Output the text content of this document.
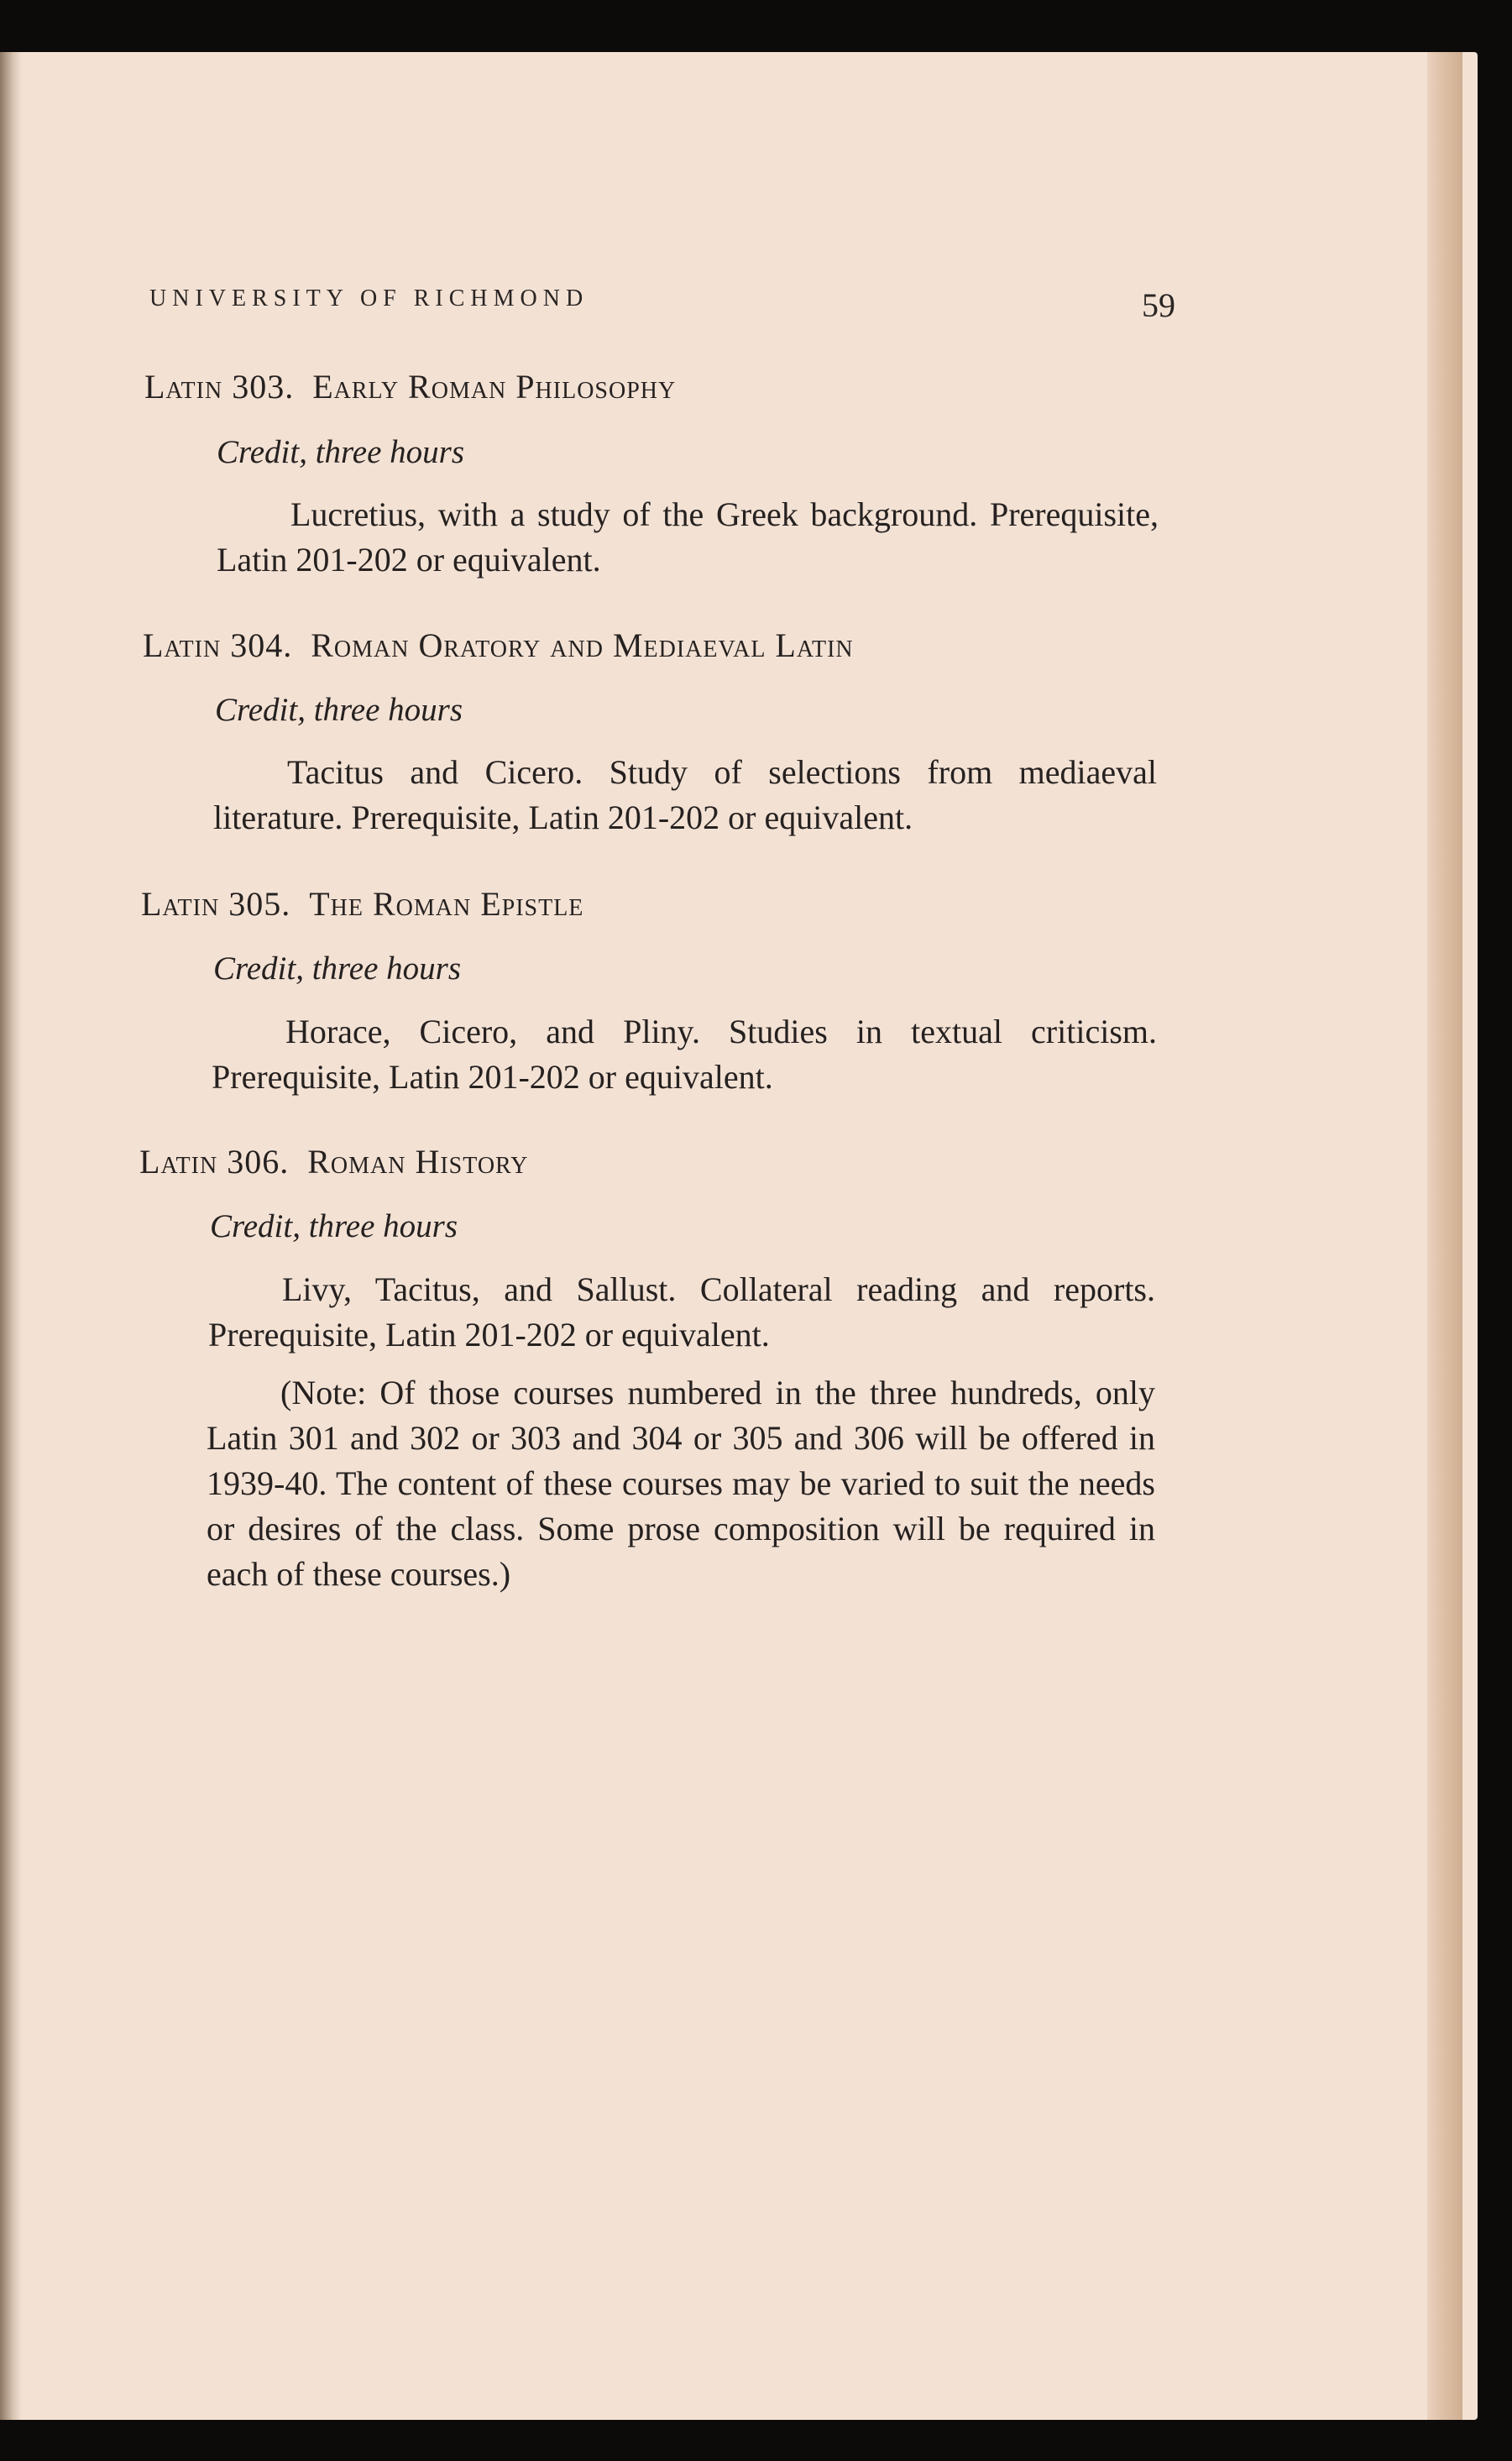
UNIVERSITY OF RICHMOND	59
Latin 303. Early Roman Philosophy
Credit, three hours
Lucretius, with a study of the Greek background. Prerequisite, Latin 201-202 or equivalent.
Latin 304. Roman Oratory and Mediaeval Latin
Credit, three hours
Tacitus and Cicero. Study of selections from mediaeval literature. Prerequisite, Latin 201-202 or equivalent.
Latin 305. The Roman Epistle
Credit, three hours
Horace, Cicero, and Pliny. Studies in textual criticism. Prerequisite, Latin 201-202 or equivalent.
Latin 306. Roman History
Credit, three hours
Livy, Tacitus, and Sallust. Collateral reading and reports. Prerequisite, Latin 201-202 or equivalent.
(Note: Of those courses numbered in the three hundreds, only Latin 301 and 302 or 303 and 304 or 305 and 306 will be offered in 1939-40. The content of these courses may be varied to suit the needs or desires of the class. Some prose composition will be required in each of these courses.)
